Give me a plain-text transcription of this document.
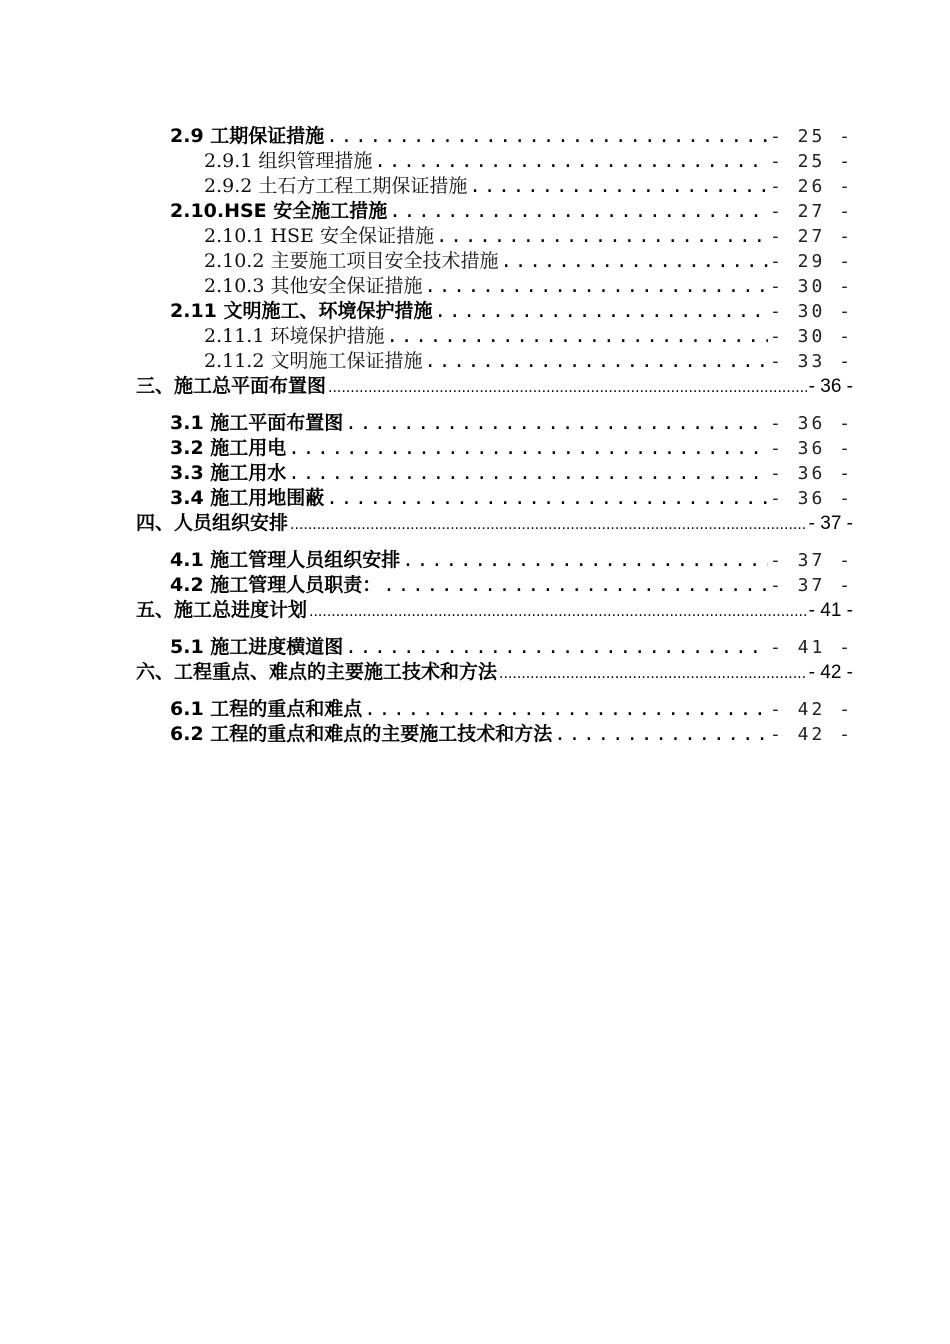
2.9 工期保证措施 .....	- 25 -
2.9.1 组织管理措施 .....	- 25 -
2.9.2 土石方工程工期保证措施 .....	- 26 -
2.10.HSE 安全施工措施 .....	- 27 -
2.10.1 HSE 安全保证措施 .....	- 27 -
2.10.2 主要施工项目安全技术措施 .....	- 29 -
2.10.3 其他安全保证措施 .....	- 30 -
2.11 文明施工、环境保护措施 .....	- 30 -
2.11.1 环境保护措施 .....	- 30 -
2.11.2 文明施工保证措施 .....	- 33 -
三、施工总平面布置图 .....	- 36 -
3.1 施工平面布置图 .....	- 36 -
3.2 施工用电 .....	- 36 -
3.3 施工用水 .....	- 36 -
3.4 施工用地围蔽 .....	- 36 -
四、人员组织安排 .....	- 37 -
4.1 施工管理人员组织安排 .....	- 37 -
4.2 施工管理人员职责： .....	- 37 -
五、施工总进度计划 .....	- 41 -
5.1 施工进度横道图 .....	- 41 -
六、工程重点、难点的主要施工技术和方法 .....	- 42 -
6.1 工程的重点和难点 .....	- 42 -
6.2 工程的重点和难点的主要施工技术和方法 .....	- 42 -
